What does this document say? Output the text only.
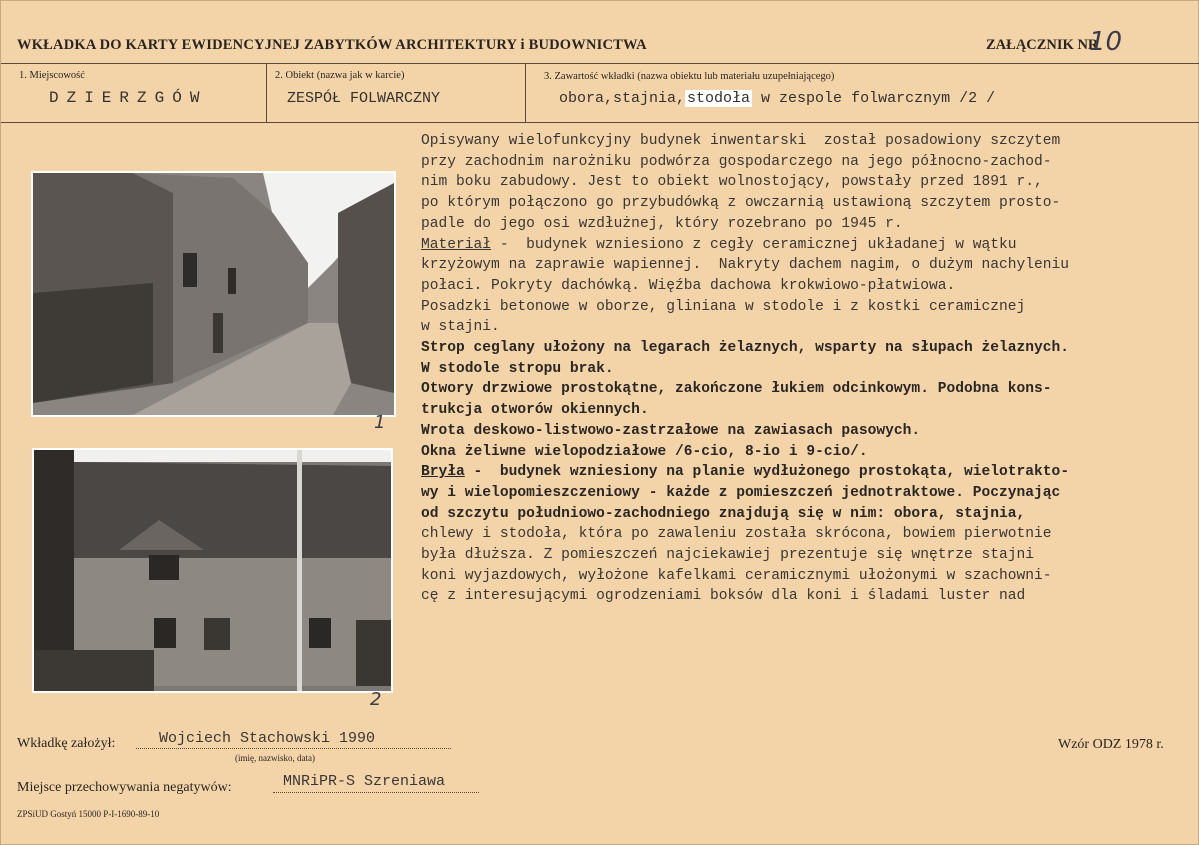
WKŁADKA DO KARTY EWIDENCYJNEJ ZABYTKÓW ARCHITEKTURY i BUDOWNICTWA	ZAŁĄCZNIK NR
10
1. Miejscowość
DZIERZGÓW
2. Obiekt (nazwa jak w karcie)
ZESPÓŁ FOLWARCZNY
3. Zawartość wkładki (nazwa obiektu lub materiału uzupełniającego)
obora,stajnia, stodoła w zespole folwarcznym /2 /
1
2
Opisywany wielofunkcyjny budynek inwentarski  został posadowiony szczytem
przy zachodnim narożniku podwórza gospodarczego na jego północno-zachod-
nim boku zabudowy. Jest to obiekt wolnostojący, powstały przed 1891 r.,
po którym połączono go przybudówką z owczarnią ustawioną szczytem prosto-
padle do jego osi wzdłużnej, który rozebrano po 1945 r.
Materiał -  budynek wzniesiono z cegły ceramicznej układanej w wątku
krzyżowym na zaprawie wapiennej.  Nakryty dachem nagim, o dużym nachyleniu
połaci. Pokryty dachówką. Więźba dachowa krokwiowo-płatwiowa.
Posadzki betonowe w oborze, gliniana w stodole i z kostki ceramicznej
w stajni.
Strop ceglany ułożony na legarach żelaznych, wsparty na słupach żelaznych.
W stodole stropu brak.
Otwory drzwiowe prostokątne, zakończone łukiem odcinkowym. Podobna kons-
trukcja otworów okiennych.
Wrota deskowo-listwowo-zastrzałowe na zawiasach pasowych.
Okna żeliwne wielopodziałowe /6-cio, 8-io i 9-cio/.
Bryła -  budynek wzniesiony na planie wydłużonego prostokąta, wielotrakto-
wy i wielopomieszczeniowy - każde z pomieszczeń jednotraktowe. Poczynając
od szczytu południowo-zachodniego znajdują się w nim: obora, stajnia,
chlewy i stodoła, która po zawaleniu została skrócona, bowiem pierwotnie
była dłuższa. Z pomieszczeń najciekawiej prezentuje się wnętrze stajni
koni wyjazdowych, wyłożone kafelkami ceramicznymi ułożonymi w szachowni-
cę z interesującymi ogrodzeniami boksów dla koni i śladami luster nad
Wkładkę założył:	Wojciech Stachowski 1990
(imię, nazwisko, data)
Wzór ODZ 1978 r.
Miejsce przechowywania negatywów:	MNRiPR-S Szreniawa
ZPSiUD Gostyń 15000 P-I-1690-89-10
